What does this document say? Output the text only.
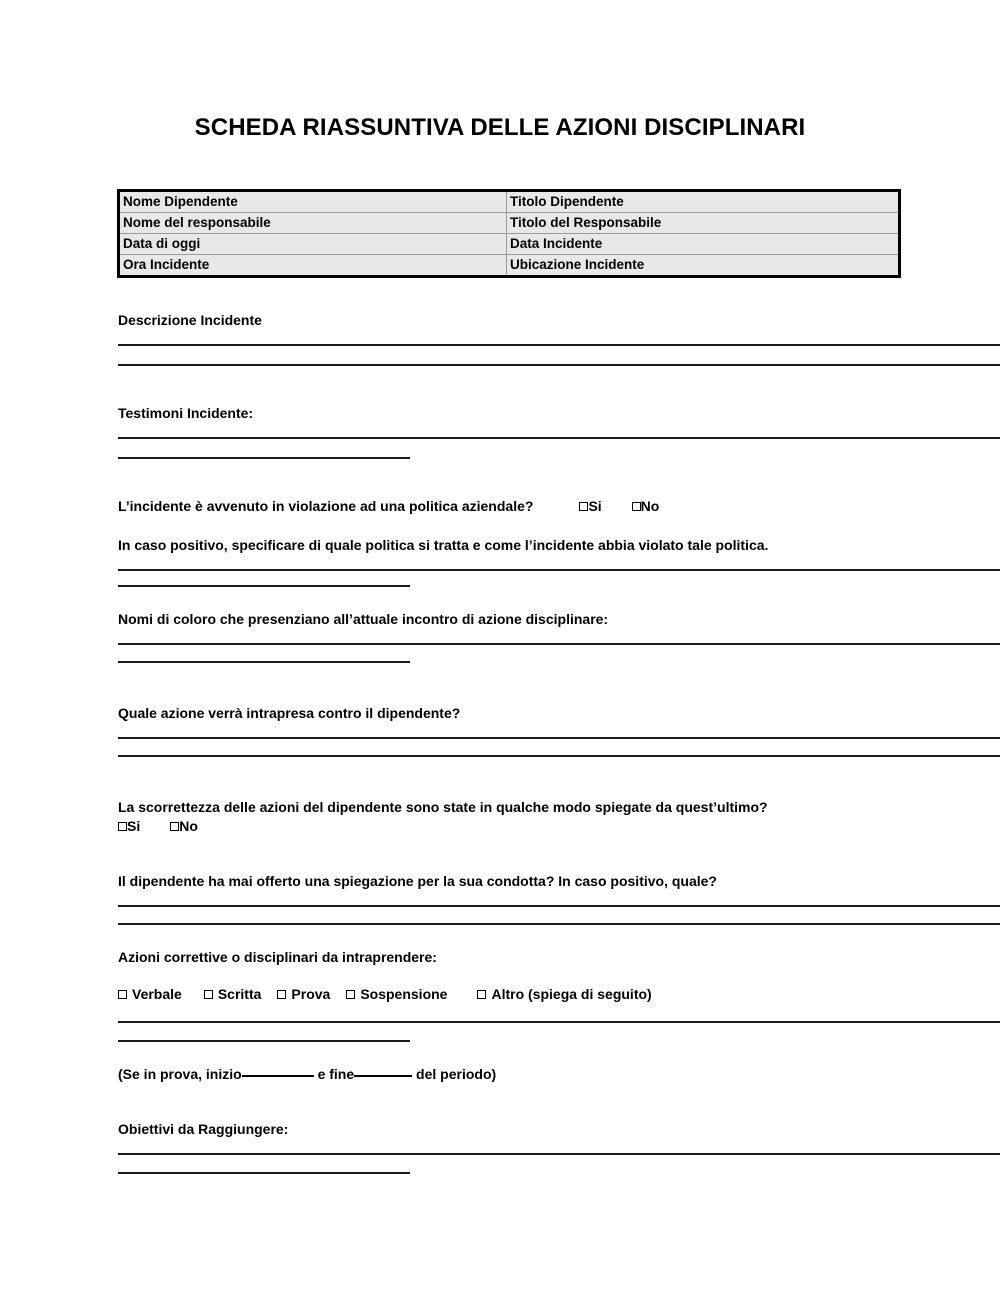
SCHEDA RIASSUNTIVA DELLE AZIONI DISCIPLINARI
Nome Dipendente	Titolo Dipendente
Nome del responsabile	Titolo del Responsabile
Data di oggi	Data Incidente
Ora Incidente	Ubicazione Incidente
Descrizione Incidente
Testimoni Incidente:
L’incidente è avvenuto in violazione ad una politica aziendale?	Si	No
In caso positivo, specificare di quale politica si tratta e come l’incidente abbia violato tale politica.
Nomi di coloro che presenziano all’attuale incontro di azione disciplinare:
Quale azione verrà intrapresa contro il dipendente?
La scorrettezza delle azioni del dipendente sono state in qualche modo spiegate da quest’ultimo?
Si	No
Il dipendente ha mai offerto una spiegazione per la sua condotta? In caso positivo, quale?
Azioni correttive o disciplinari da intraprendere:
Verbale	Scritta Prova Sospensione	Altro (spiega di seguito)
(Se in prova, inizio	e fine	del periodo)
Obiettivi da Raggiungere:
